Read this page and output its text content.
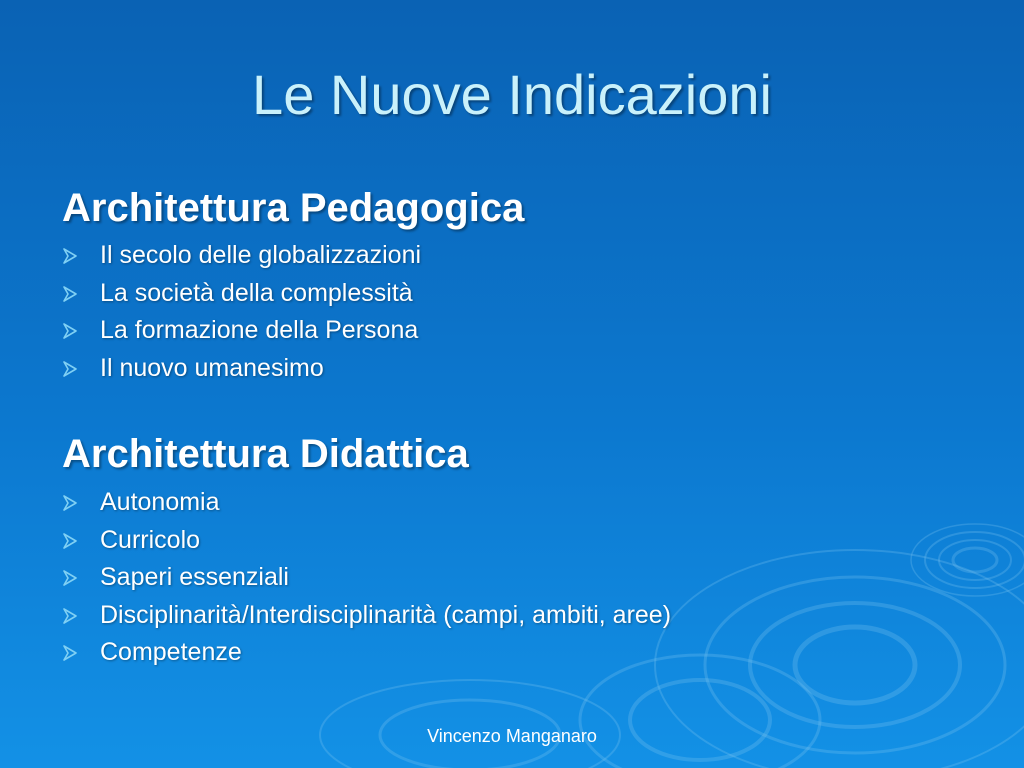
Le Nuove Indicazioni
Architettura Pedagogica
Il secolo delle globalizzazioni
La società della complessità
La formazione della Persona
Il nuovo umanesimo
Architettura Didattica
Autonomia
Curricolo
Saperi essenziali
Disciplinarità/Interdisciplinarità (campi, ambiti, aree)
Competenze
Vincenzo Manganaro
